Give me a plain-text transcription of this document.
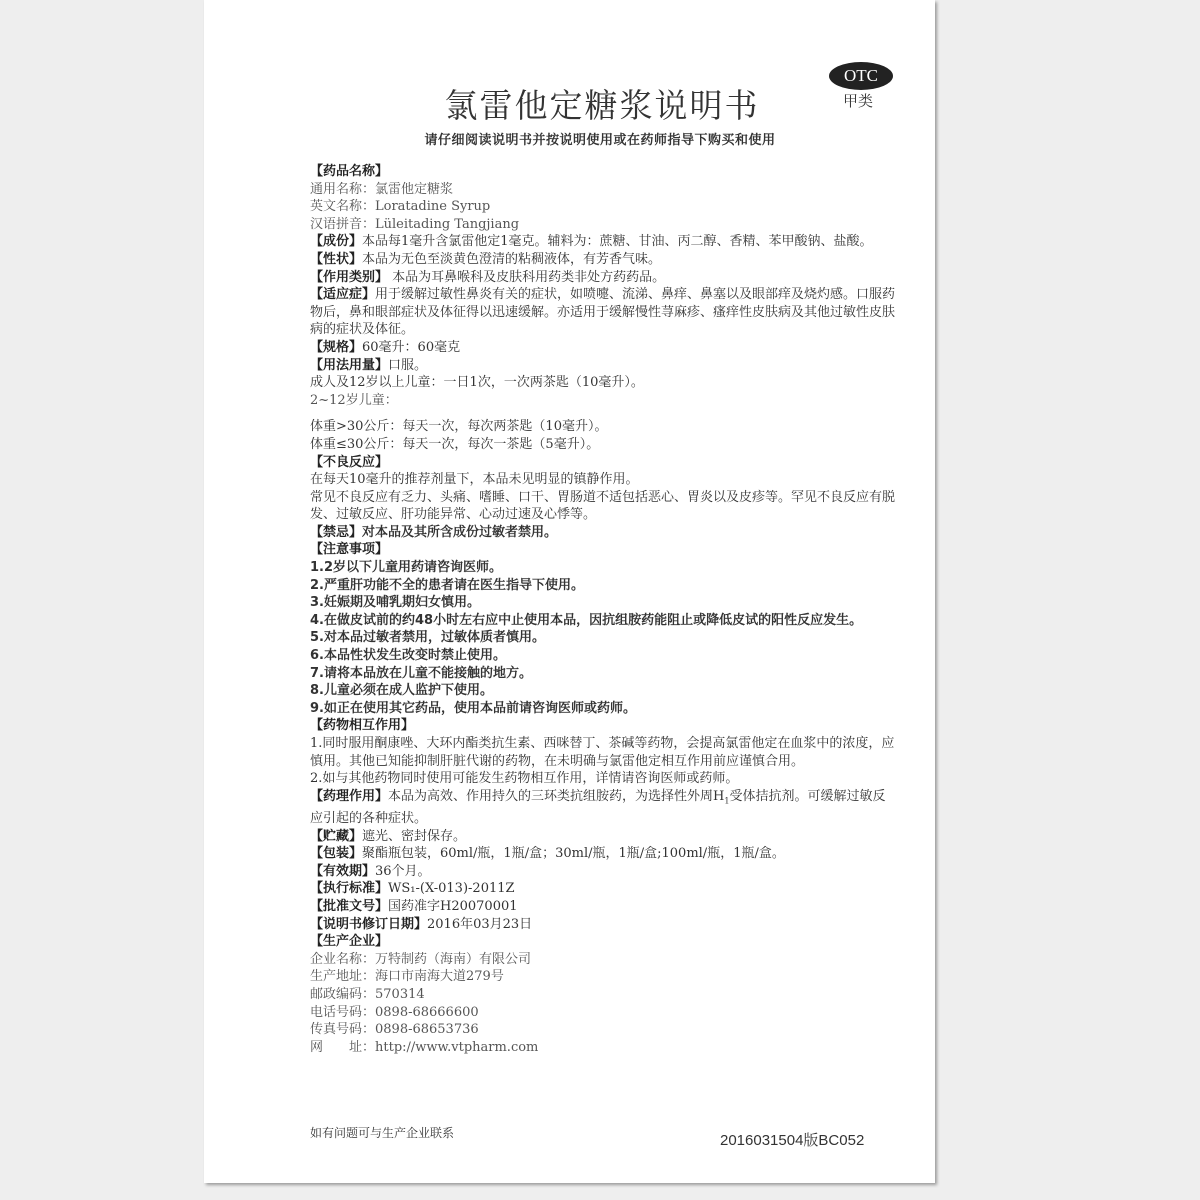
OTC
甲类
氯雷他定糖浆说明书
请仔细阅读说明书并按说明使用或在药师指导下购买和使用

【药品名称】

通用名称：氯雷他定糖浆

英文名称：Loratadine Syrup

汉语拼音：Lüleitading Tangjiang

【成份】本品每1毫升含氯雷他定1毫克。辅料为：蔗糖、甘油、丙二醇、香精、苯甲酸钠、盐酸。

【性状】本品为无色至淡黄色澄清的粘稠液体，有芳香气味。

【作用类别】 本品为耳鼻喉科及皮肤科用药类非处方药药品。

【适应症】用于缓解过敏性鼻炎有关的症状，如喷嚏、流涕、鼻痒、鼻塞以及眼部痒及烧灼感。口服药物后，鼻和眼部症状及体征得以迅速缓解。亦适用于缓解慢性荨麻疹、瘙痒性皮肤病及其他过敏性皮肤病的症状及体征。

【规格】60毫升：60毫克

【用法用量】口服。

成人及12岁以上儿童：一日1次，一次两茶匙（10毫升）。

2~12岁儿童：

体重>30公斤：每天一次，每次两茶匙（10毫升）。

体重≤30公斤：每天一次，每次一茶匙（5毫升）。

【不良反应】

在每天10毫升的推荐剂量下，本品未见明显的镇静作用。

常见不良反应有乏力、头痛、嗜睡、口干、胃肠道不适包括恶心、胃炎以及皮疹等。罕见不良反应有脱发、过敏反应、肝功能异常、心动过速及心悸等。

【禁忌】对本品及其所含成份过敏者禁用。

【注意事项】

1.2岁以下儿童用药请咨询医师。

2.严重肝功能不全的患者请在医生指导下使用。

3.妊娠期及哺乳期妇女慎用。

4.在做皮试前的约48小时左右应中止使用本品，因抗组胺药能阻止或降低皮试的阳性反应发生。

5.对本品过敏者禁用，过敏体质者慎用。

6.本品性状发生改变时禁止使用。

7.请将本品放在儿童不能接触的地方。

8.儿童必须在成人监护下使用。

9.如正在使用其它药品，使用本品前请咨询医师或药师。

【药物相互作用】

1.同时服用酮康唑、大环内酯类抗生素、西咪替丁、茶碱等药物，会提高氯雷他定在血浆中的浓度，应慎用。其他已知能抑制肝脏代谢的药物，在未明确与氯雷他定相互作用前应谨慎合用。

2.如与其他药物同时使用可能发生药物相互作用，详情请咨询医师或药师。

【药理作用】本品为高效、作用持久的三环类抗组胺药，为选择性外周$H_1$受体拮抗剂。可缓解过敏反应引起的各种症状。

【贮藏】遮光、密封保存。

【包装】聚酯瓶包装，60ml/瓶，1瓶/盒；30ml/瓶，1瓶/盒;100ml/瓶，1瓶/盒。

【有效期】36个月。

【执行标准】WS₁-(X-013)-2011Z

【批准文号】国药准字H20070001

【说明书修订日期】2016年03月23日

【生产企业】

企业名称：万特制药（海南）有限公司

生产地址：海口市南海大道279号

邮政编码：570314

电话号码：0898-68666600

传真号码：0898-68653736

网　　址：http://www.vtpharm.com

如有问题可与生产企业联系	2016031504版BC052
